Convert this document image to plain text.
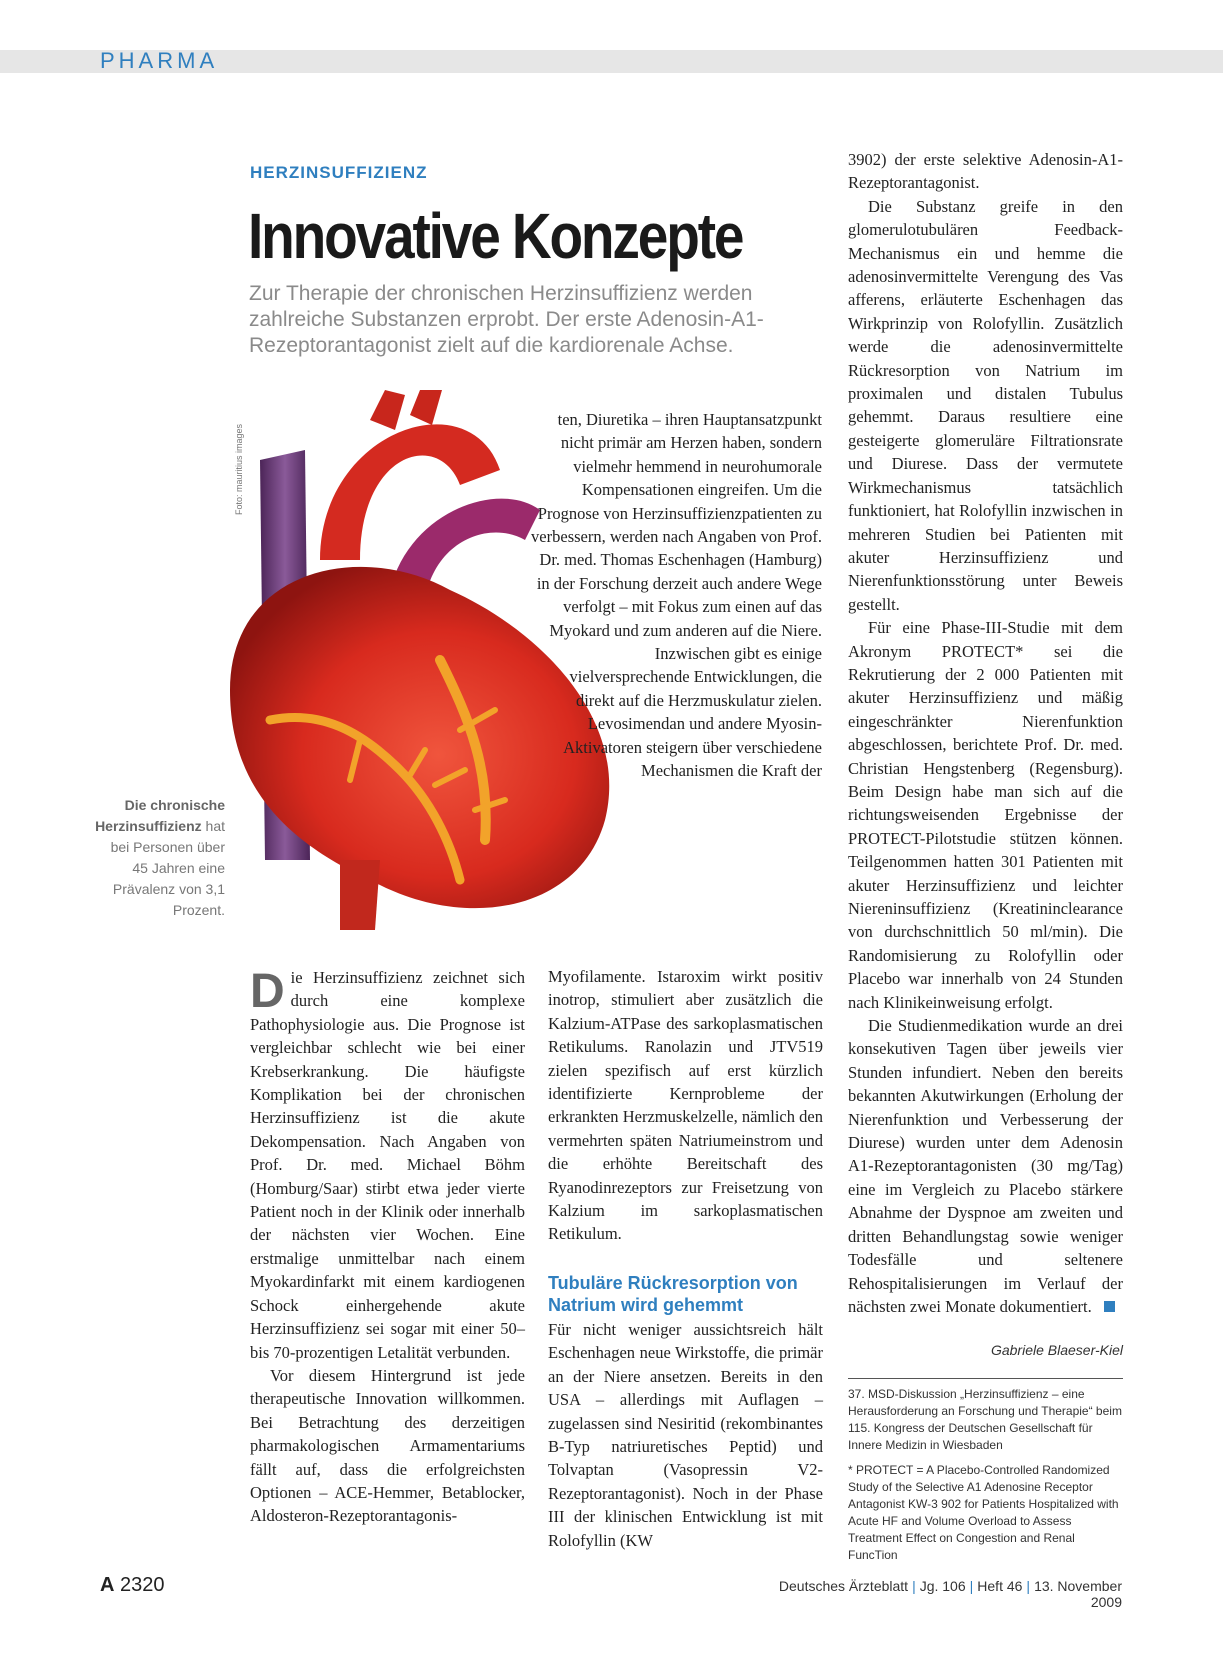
PHARMA
HERZINSUFFIZIENZ
Innovative Konzepte
Zur Therapie der chronischen Herzinsuffizienz werden zahlreiche Substanzen erprobt. Der erste Adenosin-A1-Rezeptorantagonist zielt auf die kardiorenale Achse.
Foto: mauritius images
Die chronische Herzinsuffizienz hat bei Personen über 45 Jahren eine Prävalenz von 3,1 Prozent.

Die Herzinsuffizienz zeichnet sich durch eine komplexe Pathophysiologie aus. Die Prognose ist vergleichbar schlecht wie bei einer Krebserkrankung. Die häufigste Komplikation bei der chronischen Herzinsuffizienz ist die akute Dekompensation. Nach Angaben von Prof. Dr. med. Michael Böhm (Homburg/Saar) stirbt etwa jeder vierte Patient noch in der Klinik oder innerhalb der nächsten vier Wochen. Eine erstmalige unmittelbar nach einem Myokardinfarkt mit einem kardiogenen Schock einhergehende akute Herzinsuffizienz sei sogar mit einer 50– bis 70-prozentigen Letalität verbunden.

Vor diesem Hintergrund ist jede therapeutische Innovation willkommen. Bei Betrachtung des derzeitigen pharmakologischen Armamentariums fällt auf, dass die erfolgreichsten Optionen – ACE-Hemmer, Betablocker, Aldosteron-Rezeptorantagonis-

ten, Diuretika – ihren Hauptansatzpunkt nicht primär am Herzen haben, sondern vielmehr hemmend in neurohumorale Kompensationen eingreifen. Um die Prognose von Herzinsuffizienzpatienten zu verbessern, werden nach Angaben von Prof. Dr. med. Thomas Eschenhagen (Hamburg) in der Forschung derzeit auch andere Wege verfolgt – mit Fokus zum einen auf das Myokard und zum anderen auf die Niere.

Inzwischen gibt es einige vielversprechende Entwicklungen, die direkt auf die Herzmuskulatur zielen. Levosimendan und andere Myosin-Aktivatoren steigern über verschiedene Mechanismen die Kraft der

Myofilamente. Istaroxim wirkt positiv inotrop, stimuliert aber zusätzlich die Kalzium-ATPase des sarkoplasmatischen Retikulums. Ranolazin und JTV519 zielen spezifisch auf erst kürzlich identifizierte Kernprobleme der erkrankten Herzmuskelzelle, nämlich den vermehrten späten Natriumeinstrom und die erhöhte Bereitschaft des Ryanodinrezeptors zur Freisetzung von Kalzium im sarkoplasmatischen Retikulum.

Tubuläre Rückresorption von Natrium wird gehemmt

Für nicht weniger aussichtsreich hält Eschenhagen neue Wirkstoffe, die primär an der Niere ansetzen. Bereits in den USA – allerdings mit Auflagen – zugelassen sind Nesiritid (rekombinantes B-Typ natriuretisches Peptid) und Tolvaptan (Vasopressin V2-Rezeptorantagonist). Noch in der Phase III der klinischen Entwicklung ist mit Rolofyllin (KW

3902) der erste selektive Adenosin-A1-Rezeptorantagonist.

Die Substanz greife in den glomerulotubulären Feedback-Mechanismus ein und hemme die adenosinvermittelte Verengung des Vas afferens, erläuterte Eschenhagen das Wirkprinzip von Rolofyllin. Zusätzlich werde die adenosinvermittelte Rückresorption von Natrium im proximalen und distalen Tubulus gehemmt. Daraus resultiere eine gesteigerte glomeruläre Filtrationsrate und Diurese. Dass der vermutete Wirkmechanismus tatsächlich funktioniert, hat Rolofyllin inzwischen in mehreren Studien bei Patienten mit akuter Herzinsuffizienz und Nierenfunktionsstörung unter Beweis gestellt.

Für eine Phase-III-Studie mit dem Akronym PROTECT* sei die Rekrutierung der 2 000 Patienten mit akuter Herzinsuffizienz und mäßig eingeschränkter Nierenfunktion abgeschlossen, berichtete Prof. Dr. med. Christian Hengstenberg (Regensburg). Beim Design habe man sich auf die richtungsweisenden Ergebnisse der PROTECT-Pilotstudie stützen können. Teilgenommen hatten 301 Patienten mit akuter Herzinsuffizienz und leichter Niereninsuffizienz (Kreatininclearance von durchschnittlich 50 ml/min). Die Randomisierung zu Rolofyllin oder Placebo war innerhalb von 24 Stunden nach Klinikeinweisung erfolgt.

Die Studienmedikation wurde an drei konsekutiven Tagen über jeweils vier Stunden infundiert. Neben den bereits bekannten Akutwirkungen (Erholung der Nierenfunktion und Verbesserung der Diurese) wurden unter dem Adenosin A1-Rezeptorantagonisten (30 mg/Tag) eine im Vergleich zu Placebo stärkere Abnahme der Dyspnoe am zweiten und dritten Behandlungstag sowie weniger Todesfälle und seltenere Rehospitalisierungen im Verlauf der nächsten zwei Monate dokumentiert.

Gabriele Blaeser-Kiel
37. MSD-Diskussion „Herzinsuffizienz – eine Herausforderung an Forschung und Therapie“ beim 115. Kongress der Deutschen Gesellschaft für Innere Medizin in Wiesbaden
* PROTECT = A Placebo-Controlled Randomized Study of the Selective A1 Adenosine Receptor Antagonist KW-3 902 for Patients Hospitalized with Acute HF and Volume Overload to Assess Treatment Effect on Congestion and Renal FuncTion
A 2320	Deutsches Ärzteblatt | Jg. 106 | Heft 46 | 13. November 2009
